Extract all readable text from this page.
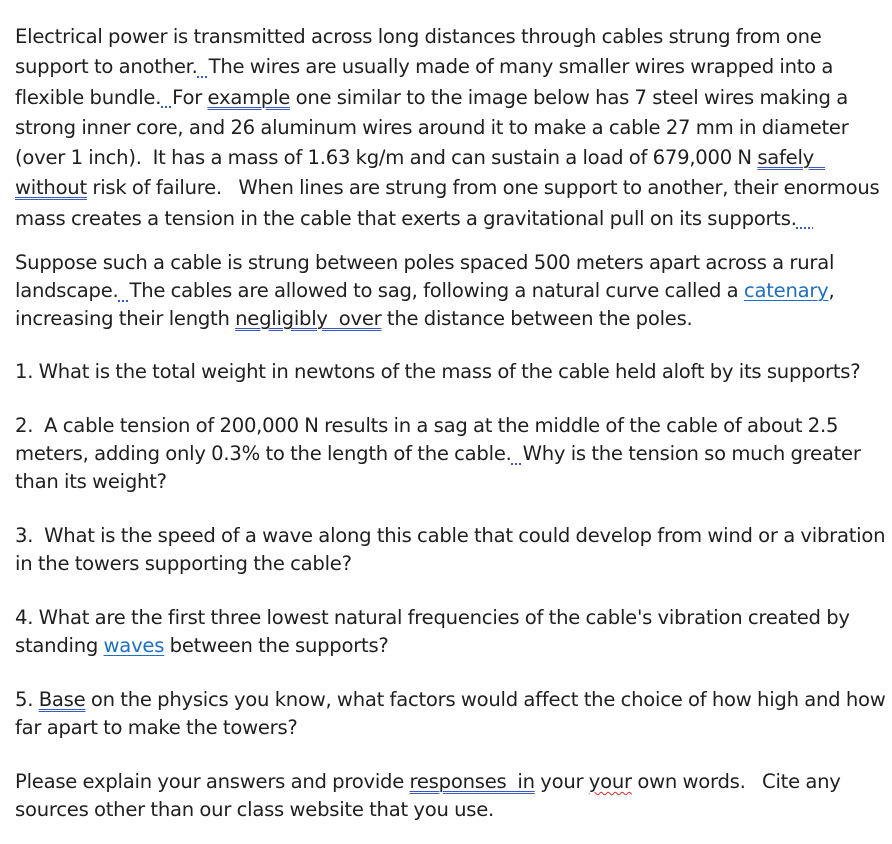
Electrical power is transmitted across long distances through cables strung from one support to another. The wires are usually made of many smaller wires wrapped into a flexible bundle. For example one similar to the image below has 7 steel wires making a strong inner core, and 26 aluminum wires around it to make a cable 27 mm in diameter (over 1 inch).  It has a mass of 1.63 kg/m and can sustain a load of 679,000 N safely  without risk of failure.   When lines are strung from one support to another, their enormous mass creates a tension in the cable that exerts a gravitational pull on its supports.

Suppose such a cable is strung between poles spaced 500 meters apart across a rural landscape. The cables are allowed to sag, following a natural curve called a catenary, increasing their length negligibly  over the distance between the poles.

1. What is the total weight in newtons of the mass of the cable held aloft by its supports?

2.  A cable tension of 200,000 N results in a sag at the middle of the cable of about 2.5 meters, adding only 0.3% to the length of the cable. Why is the tension so much greater than its weight?

3.  What is the speed of a wave along this cable that could develop from wind or a vibration in the towers supporting the cable?

4. What are the first three lowest natural frequencies of the cable's vibration created by standing waves between the supports?

5. Base on the physics you know, what factors would affect the choice of how high and how far apart to make the towers?

Please explain your answers and provide responses  in your your own words.   Cite any sources other than our class website that you use.
